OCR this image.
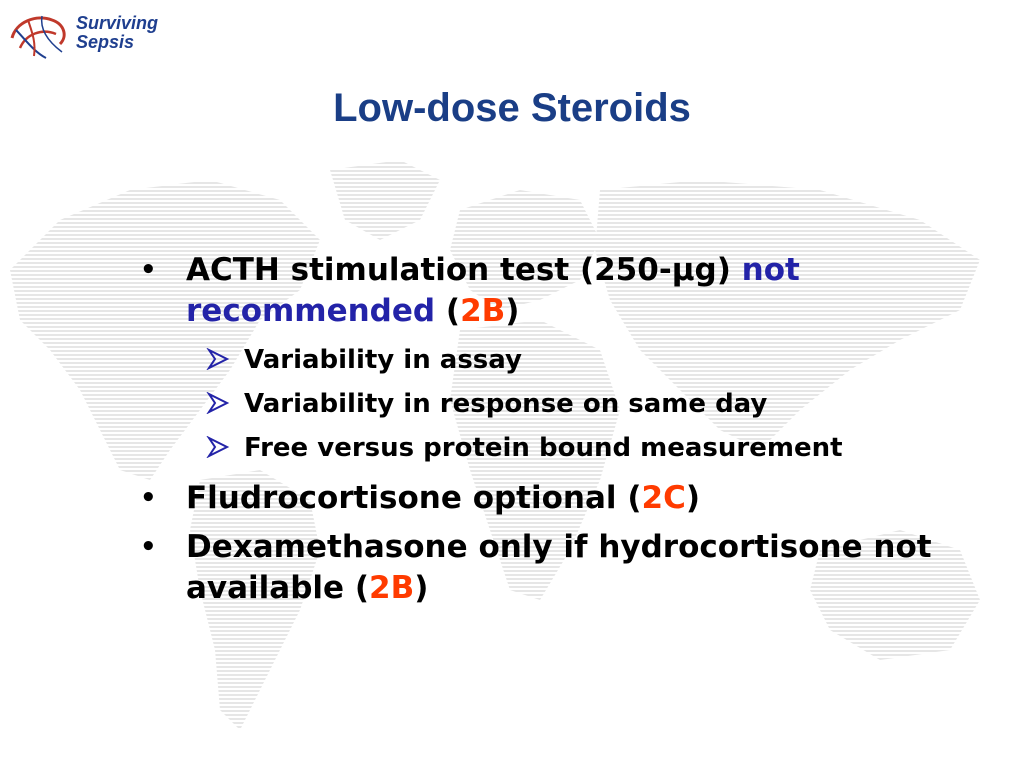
Surviving
Sepsis
Low-dose Steroids
• ACTH stimulation test (250-μg) not recommended (2B)
Variability in assay
Variability in response on same day
Free versus protein bound measurement
• Fludrocortisone optional (2C)
• Dexamethasone only if hydrocortisone not available (2B)
